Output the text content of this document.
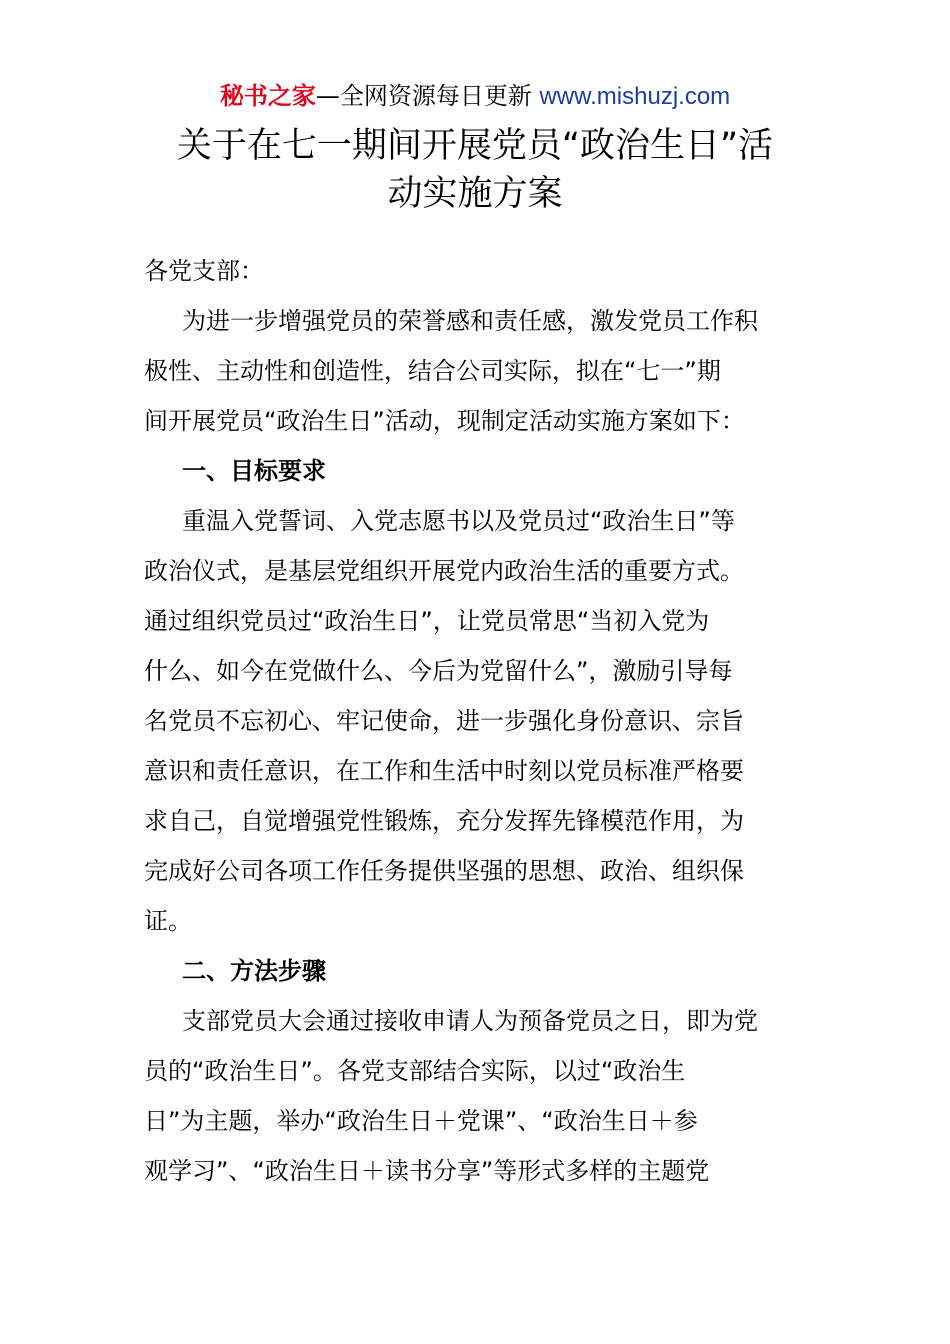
秘书之家—全网资源每日更新 www.mishuzj.com
关于在七一期间开展党员“政治生日”活
动实施方案

各党支部：

为进一步增强党员的荣誉感和责任感，激发党员工作积
极性、主动性和创造性，结合公司实际，拟在“七一”期
间开展党员“政治生日”活动，现制定活动实施方案如下：

一、目标要求

重温入党誓词、入党志愿书以及党员过“政治生日”等
政治仪式，是基层党组织开展党内政治生活的重要方式。
通过组织党员过“政治生日”，让党员常思“当初入党为
什么、如今在党做什么、今后为党留什么”，激励引导每
名党员不忘初心、牢记使命，进一步强化身份意识、宗旨
意识和责任意识，在工作和生活中时刻以党员标准严格要
求自己，自觉增强党性锻炼，充分发挥先锋模范作用，为
完成好公司各项工作任务提供坚强的思想、政治、组织保
证。

二、方法步骤

支部党员大会通过接收申请人为预备党员之日，即为党
员的“政治生日”。各党支部结合实际，以过“政治生
日”为主题，举办“政治生日＋党课”、“政治生日＋参
观学习”、“政治生日＋读书分享”等形式多样的主题党
